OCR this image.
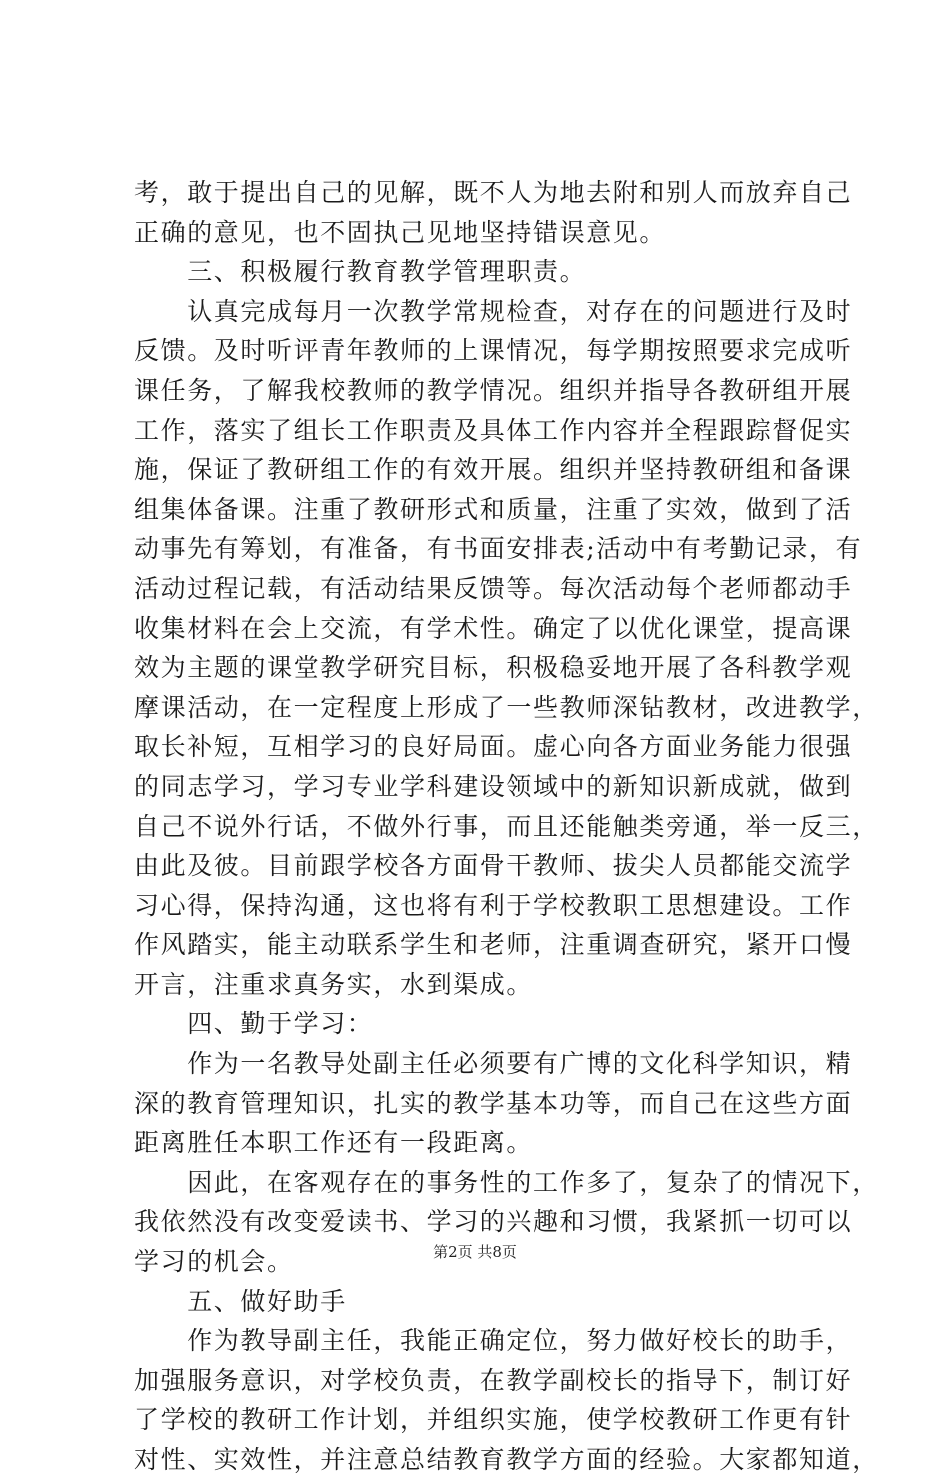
考，敢于提出自己的见解，既不人为地去附和别人而放弃自己
正确的意见，也不固执己见地坚持错误意见。
　　三、积极履行教育教学管理职责。
　　认真完成每月一次教学常规检查，对存在的问题进行及时
反馈。及时听评青年教师的上课情况，每学期按照要求完成听
课任务，了解我校教师的教学情况。组织并指导各教研组开展
工作，落实了组长工作职责及具体工作内容并全程跟踪督促实
施，保证了教研组工作的有效开展。组织并坚持教研组和备课
组集体备课。注重了教研形式和质量，注重了实效，做到了活
动事先有筹划，有准备，有书面安排表;活动中有考勤记录，有
活动过程记载，有活动结果反馈等。每次活动每个老师都动手
收集材料在会上交流，有学术性。确定了以优化课堂，提高课
效为主题的课堂教学研究目标，积极稳妥地开展了各科教学观
摩课活动，在一定程度上形成了一些教师深钻教材，改进教学，
取长补短，互相学习的良好局面。虚心向各方面业务能力很强
的同志学习，学习专业学科建设领域中的新知识新成就，做到
自己不说外行话，不做外行事，而且还能触类旁通，举一反三，
由此及彼。目前跟学校各方面骨干教师、拔尖人员都能交流学
习心得，保持沟通，这也将有利于学校教职工思想建设。工作
作风踏实，能主动联系学生和老师，注重调查研究，紧开口慢
开言，注重求真务实，水到渠成。
　　四、勤于学习：
　　作为一名教导处副主任必须要有广博的文化科学知识，精
深的教育管理知识，扎实的教学基本功等，而自己在这些方面
距离胜任本职工作还有一段距离。
　　因此，在客观存在的事务性的工作多了，复杂了的情况下，
我依然没有改变爱读书、学习的兴趣和习惯，我紧抓一切可以
学习的机会。
　　五、做好助手
　　作为教导副主任，我能正确定位，努力做好校长的助手，
加强服务意识，对学校负责，在教学副校长的指导下，制订好
了学校的教研工作计划，并组织实施，使学校教研工作更有针
对性、实效性，并注意总结教育教学方面的经验。大家都知道，
第2页 共8页
